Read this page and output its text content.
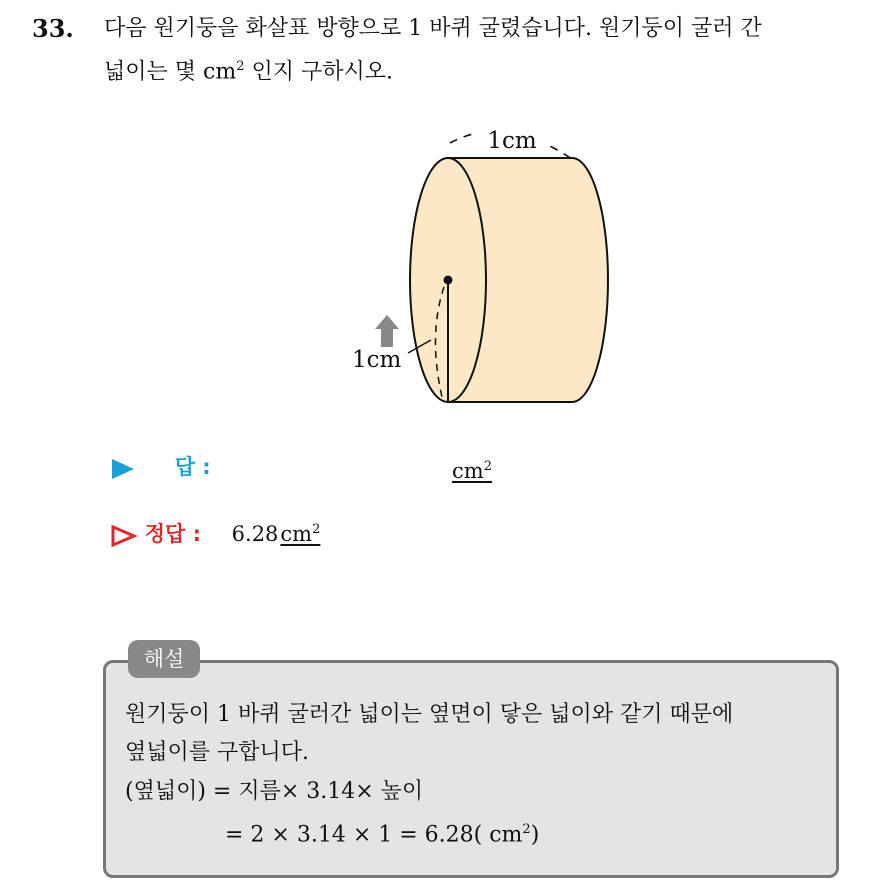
33. 다음 원기둥을 화살표 방향으로 1 바퀴 굴렸습니다. 원기둥이 굴러 간
넓이는 몇 $cm^2$ 인지 구하시오.
1cm
1cm
답 :	$cm^2$
정답 : $6.28cm^2$
해설
원기둥이 1 바퀴 굴러간 넓이는 옆면이 닿은 넓이와 같기 때문에
옆넓이를 구합니다.
(옆넓이) = 지름× 3.14× 높이
= 2 × 3.14 × 1 = 6.28( $cm^2$)
